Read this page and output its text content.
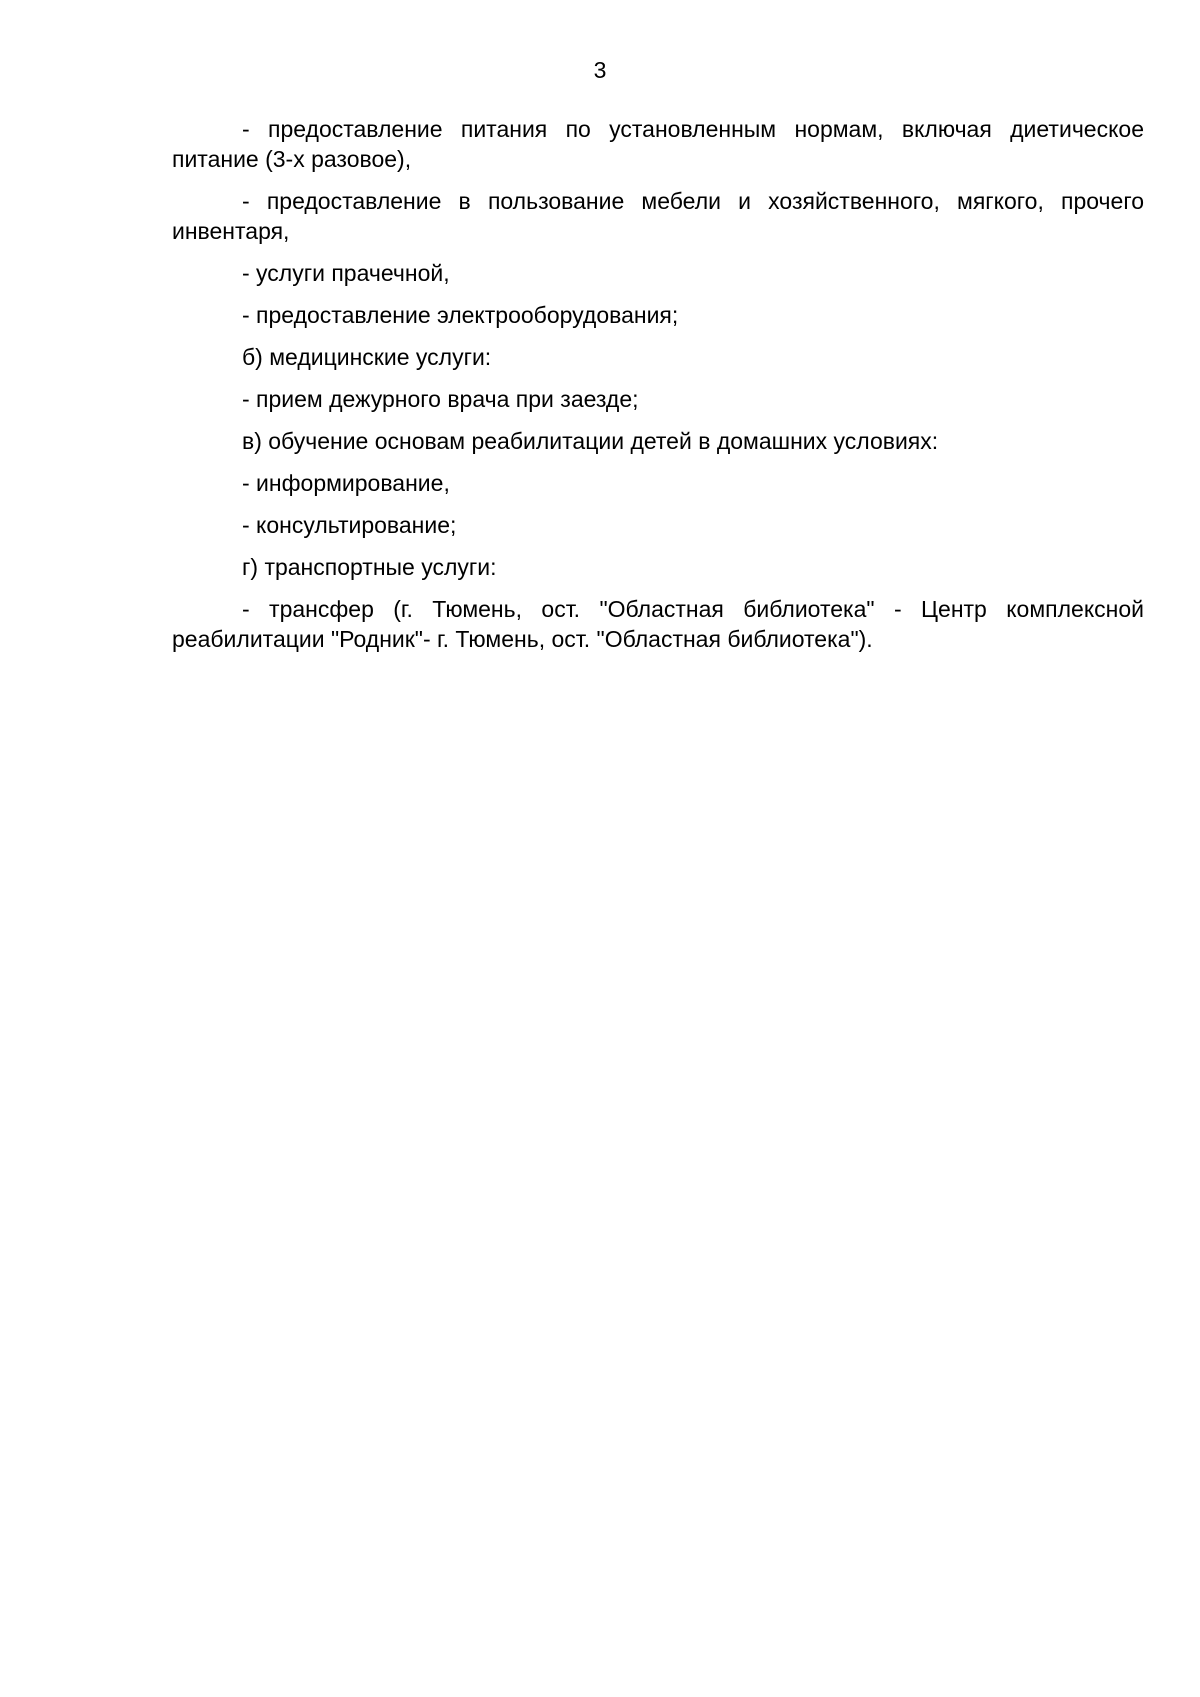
3

- предоставление питания по установленным нормам, включая диетическое питание (3-х разовое),

- предоставление в пользование мебели и хозяйственного, мягкого, прочего инвентаря,

- услуги прачечной,

- предоставление электрооборудования;

б) медицинские услуги:

- прием дежурного врача при заезде;

в) обучение основам реабилитации детей в домашних условиях:

- информирование,

- консультирование;

г) транспортные услуги:

- трансфер (г. Тюмень, ост. "Областная библиотека" - Центр комплексной реабилитации "Родник"- г. Тюмень, ост. "Областная библиотека").
